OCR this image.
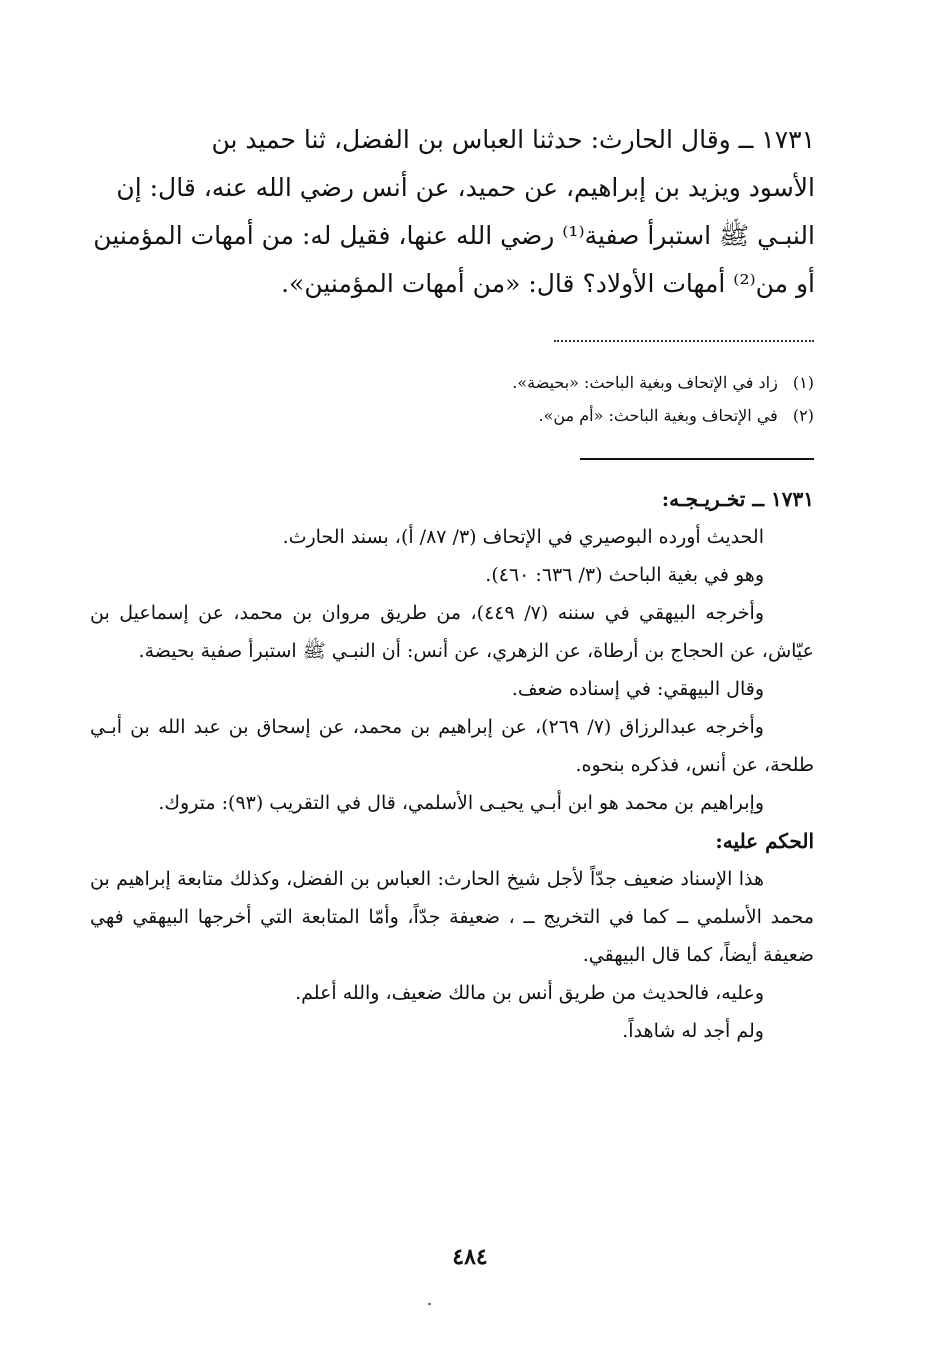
١٧٣١ ــ وقال الحارث: حدثنا العباس بن الفضل، ثنا حميد بن
الأسود ويزيد بن إبراهيم، عن حميد، عن أنس رضي الله عنه، قال: إن
النبـي ﷺ استبرأ صفية⁽¹⁾ رضي الله عنها، فقيل له: من أمهات المؤمنين
أو من⁽²⁾ أمهات الأولاد؟ قال: «من أمهات المؤمنين».
(١) زاد في الإتحاف وبغية الباحث: «بحيضة».
(٢) في الإتحاف وبغية الباحث: «أم من».

١٧٣١ ــ تخـريـجـه:

الحديث أورده البوصيري في الإتحاف (٣/ ٨٧/ أ)، بسند الحارث.

وهو في بغية الباحث (٣/ ٦٣٦: ٤٦٠).

وأخرجه البيهقي في سننه (٧/ ٤٤٩)، من طريق مروان بن محمد، عن إسماعيل بن عيّاش، عن الحجاج بن أرطاة، عن الزهري، عن أنس: أن النبـي ﷺ استبرأ صفية بحيضة.

وقال البيهقي: في إسناده ضعف.

وأخرجه عبدالرزاق (٧/ ٢٦٩)، عن إبراهيم بن محمد، عن إسحاق بن عبد الله بن أبـي طلحة، عن أنس، فذكره بنحوه.

وإبراهيم بن محمد هو ابن أبـي يحيـى الأسلمي، قال في التقريب (٩٣): متروك.

الحكم عليه:

هذا الإسناد ضعيف جدّاً لأجل شيخ الحارث: العباس بن الفضل، وكذلك متابعة إبراهيم بن محمد الأسلمي ــ كما في التخريج ــ ، ضعيفة جدّاً، وأمّا المتابعة التي أخرجها البيهقي فهي ضعيفة أيضاً، كما قال البيهقي.

وعليه، فالحديث من طريق أنس بن مالك ضعيف، والله أعلم.

ولم أجد له شاهداً.

٤٨٤
